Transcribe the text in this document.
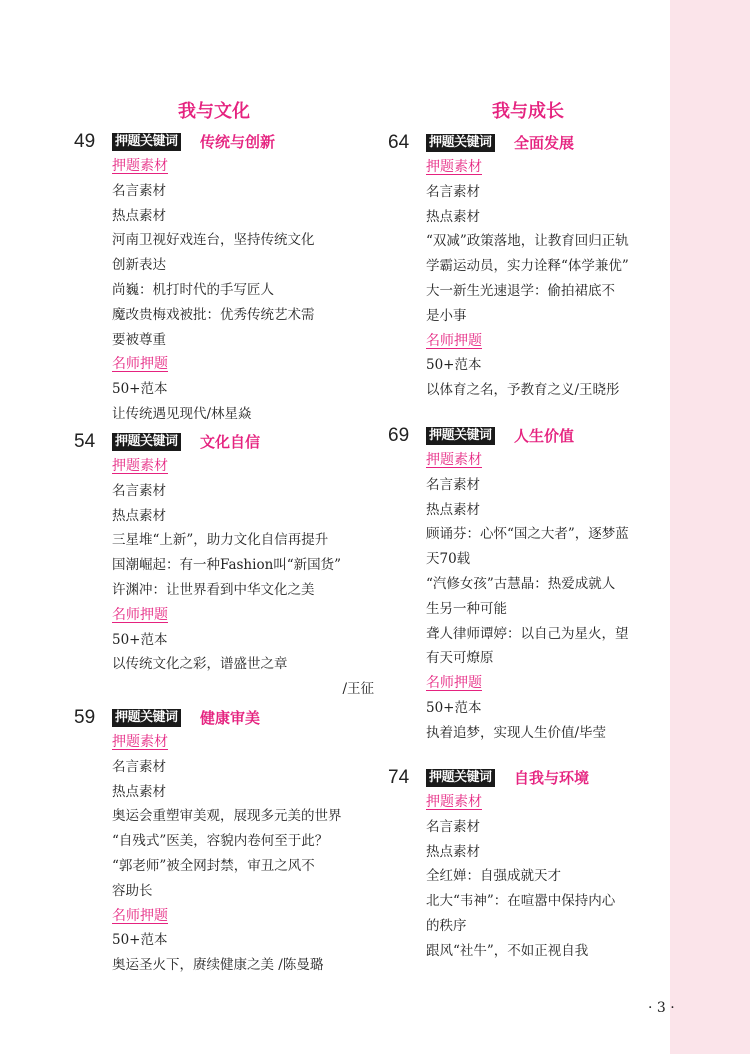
我与文化
49 押题关键词 传统与创新
押题素材
名言素材
热点素材
河南卫视好戏连台，坚持传统文化
创新表达
尚巍：机打时代的手写匠人
魔改贵梅戏被批：优秀传统艺术需
要被尊重
名师押题
50+范本
让传统遇见现代/林星焱
54 押题关键词 文化自信
押题素材
名言素材
热点素材
三星堆“上新”，助力文化自信再提升
国潮崛起：有一种Fashion叫“新国货”
许渊冲：让世界看到中华文化之美
名师押题
50+范本
以传统文化之彩，谱盛世之章
/王征
59 押题关键词 健康审美
押题素材
名言素材
热点素材
奥运会重塑审美观，展现多元美的世界
“自残式”医美，容貌内卷何至于此？
“郭老师”被全网封禁，审丑之风不
容助长
名师押题
50+范本
奥运圣火下，赓续健康之美 /陈曼璐
我与成长
64 押题关键词 全面发展
押题素材
名言素材
热点素材
“双减”政策落地，让教育回归正轨
学霸运动员，实力诠释“体学兼优”
大一新生光速退学：偷拍裙底不
是小事
名师押题
50+范本
以体育之名，予教育之义/王晓彤
69 押题关键词 人生价值
押题素材
名言素材
热点素材
顾诵芬：心怀“国之大者”，逐梦蓝
天70载
“汽修女孩”古慧晶：热爱成就人
生另一种可能
聋人律师谭婷：以自己为星火，望
有天可燎原
名师押题
50+范本
执着追梦，实现人生价值/毕莹
74 押题关键词 自我与环境
押题素材
名言素材
热点素材
全红婵：自强成就天才
北大“韦神”：在喧嚣中保持内心
的秩序
跟风“社牛”，不如正视自我
· 3 ·
